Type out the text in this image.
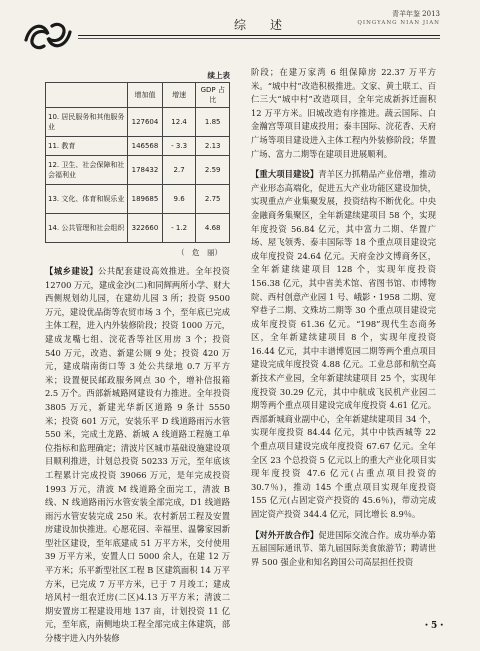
综　述
青羊年鉴 2013
QINGYANG NIAN JIAN
续上表
	增加值	增速	GDP 占比
10. 居民服务和其他服务业	127604	12.4	1.85
11. 教育	146568	- 3.3	2.13
12. 卫生、社会保障和社会福利业	178432	2.7	2.59
13. 文化、体育和娱乐业	189685	9.6	2.75
14. 公共管理和社会组织	322660	- 1.2	4.68
（　危　丽）

【城乡建设】公共配套建设高效推进。全年投资 12700 万元，建成金沙(二)和同辉两所小学、财大西侧规划幼儿园，在建幼儿园 3 所；投资 9500 万元，建设优品街等农贸市场 3 个，至年底已完成主体工程，进入内外装修阶段；投资 1000 万元，建成龙嘴七组、浣花香等社区用房 3 个；投资 540 万元，改造、新建公厕 9 处；投资 420 万元，建成瑞南街口等 3 处公共绿地 0.7 万平方米；设置便民邮政服务网点 30 个，增补信报箱 2.5 万个。西部新城路网建设有力推进。全年投资 3805 万元，新建光华新区道路 9 条计 5550 米；投资 601 万元，安装乐平 D 线道路雨污水管 550 米，完成土龙路、新城 A 线道路工程施工单位指标和监理确定；清波片区城市基础设施建设项目顺利推进，计划总投资 50233 万元，至年底该工程累计完成投资 39066 万元，是年完成投资 1993 万元，清波 M 线道路全面完工，清波 B 线、N 线道路雨污水管安装全部完成，D1 线道路雨污水管安装完成 250 米。农村新居工程及安置房建设加快推进。心愿花园、幸福里、温馨家园新型社区建设，至年底建成 51 万平方米，交付使用 39 万平方米，安置人口 5000 余人，在建 12 万平方米；乐平新型社区工程 B 区建筑面积 14 万平方米，已完成 7 万平方米，已于 7 月竣工；建成培风村一组农迁房(二区)4.13 万平方米；清波二期安置房工程建设用地 137 亩，计划投资 11 亿元，至年底，南侧地块工程全部完成主体建筑，部分楼宇进入内外装修

阶段；在建万家湾 6 组保障房 22.37 万平方米。“城中村”改造积极推进。文家、黄土联工、百仁三大“城中村”改造项目，全年完成新拆迁面积 12 万平方米。旧城改造有序推进。蔬云国际、白金瀚宫等项目建成投用；泰丰国际、浣花香、天府广场等项目建设进入主体工程内外装修阶段；华置广场、富力二期等在建项目进展顺利。

【重大项目建设】青羊区力抓精品产业倍增，推动产业形态高端化，促进五大产业功能区建设加快，实现重点产业集聚发展，投资结构不断优化。中央金融商务集聚区，全年新建续建项目 58 个，实现年度投资 56.84 亿元，其中富力二期、华置广场、屋飞领秀、泰丰国际等 18 个重点项目建设完成年度投资 24.64 亿元。天府金沙文博商务区，全年新建续建项目 128 个，实现年度投资 156.38 亿元，其中省美术馆、省图书馆、市博物院、西村创意产业园 1 号、峨影・1958 二期、宽窄巷子二期、文殊坊二期等 30 个重点项目建设完成年度投资 61.36 亿元。“198”现代生态商务区，全年新建续建项目 8 个，实现年度投资 16.44 亿元，其中丰谱博览园二期等两个重点项目建设完成年度投资 4.88 亿元。工业总部和航空高新技术产业园，全年新建续建项目 25 个，实现年度投资 30.29 亿元，其中中航成飞民机产业园二期等两个重点项目建设完成年度投资 4.61 亿元。西部新城商业副中心，全年新建续建项目 34 个，实现年度投资 84.44 亿元，其中中铁西城等 22 个重点项目建设完成年度投资 67.67 亿元。全年全区 23 个总投资 5 亿元以上的重大产业化项目实现年度投资 47.6 亿元(占重点项目投资的 30.7％)，推动 145 个重点项目实现年度投资 155 亿元(占固定资产投资的 45.6％)，带动完成固定资产投资 344.4 亿元，同比增长 8.9％。

【对外开放合作】促进国际交流合作。成功举办第五届国际通讯节、第九届国际美食旅游节；聘请世界 500 强企业和知名跨国公司高层担任投资

・5・
